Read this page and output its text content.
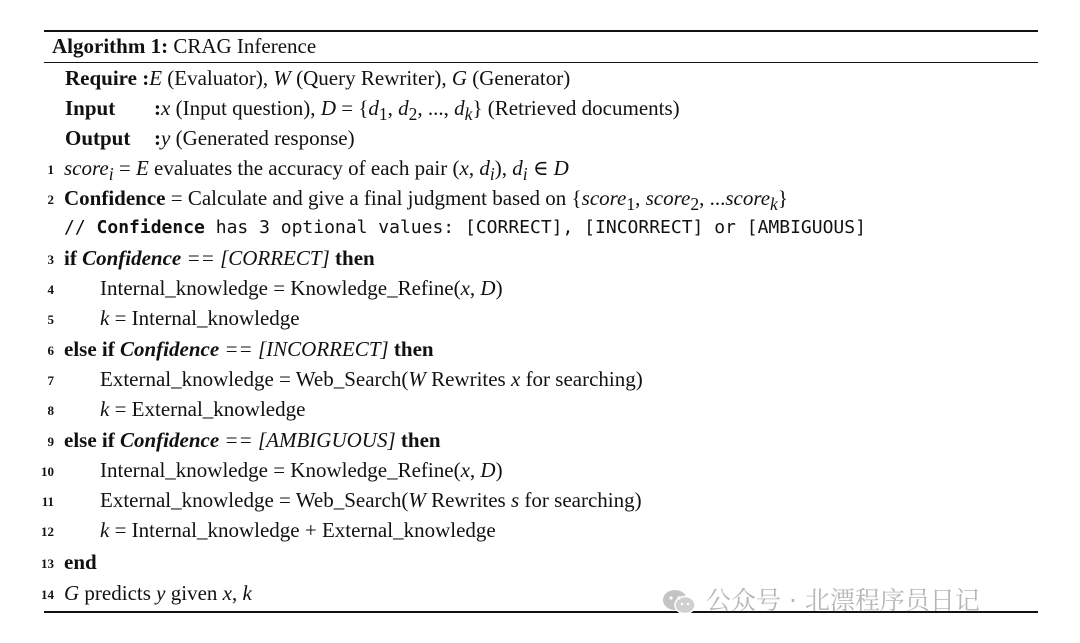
Algorithm 1: CRAG Inference
Require :E (Evaluator), W (Query Rewriter), G (Generator)
Input :x (Input question), $D = \{d_1$, $d_2$, ..., $d_k$} (Retrieved documents)
Output :y (Generated response)
1 score$_i$ = E evaluates the accuracy of each pair (x, $d_i$), $d_i$ ∈ D
2 Confidence = Calculate and give a final judgment based on {score$_1$, score$_2$, ...score$_k$}
// Confidence has 3 optional values: [CORRECT], [INCORRECT] or [AMBIGUOUS]
3 if Confidence == [CORRECT] then
4 Internal_knowledge = Knowledge_Refine(x, D)
5 k = Internal_knowledge
6 else if Confidence == [INCORRECT] then
7 External_knowledge = Web_Search(W Rewrites x for searching)
8 k = External_knowledge
9 else if Confidence == [AMBIGUOUS] then
10 Internal_knowledge = Knowledge_Refine(x, D)
11 External_knowledge = Web_Search(W Rewrites s for searching)
12 k = Internal_knowledge + External_knowledge
13 end
14 G predicts y given x, k	公众号 · 北漂程序员日记
